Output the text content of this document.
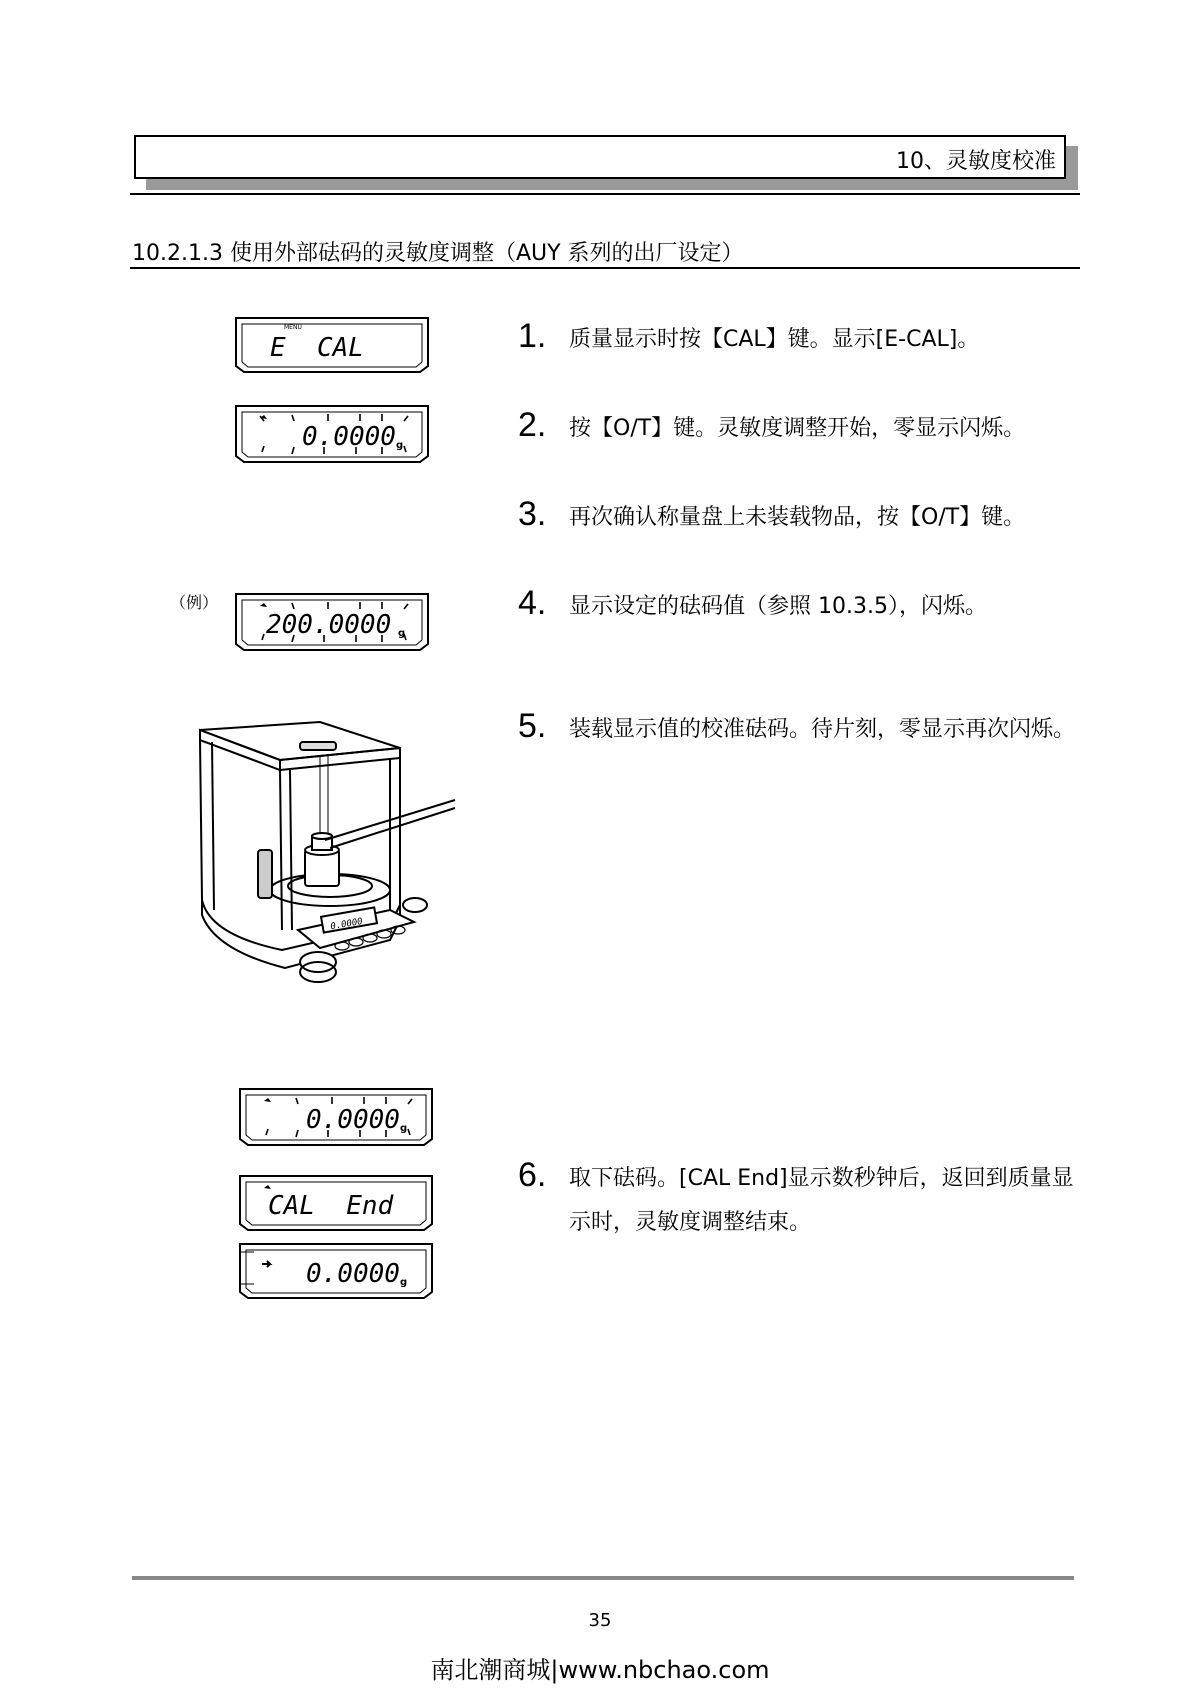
10、灵敏度校准
10.2.1.3 使用外部砝码的灵敏度调整（AUY 系列的出厂设定）
1. 质量显示时按【CAL】键。显示[E-CAL]。
2. 按【O/T】键。灵敏度调整开始，零显示闪烁。
3. 再次确认称量盘上未装载物品，按【O/T】键。
4. 显示设定的砝码值（参照 10.3.5），闪烁。
5. 装载显示值的校准砝码。待片刻，零显示再次闪烁。
6. 取下砝码。[CAL End]显示数秒钟后，返回到质量显示时，灵敏度调整结束。
MENU
E  CAL
0.0000 g
（例）
200.0000 g
0.0000
0.0000 g
CAL  End
0.0000 g
35
南北潮商城|www.nbchao.com
